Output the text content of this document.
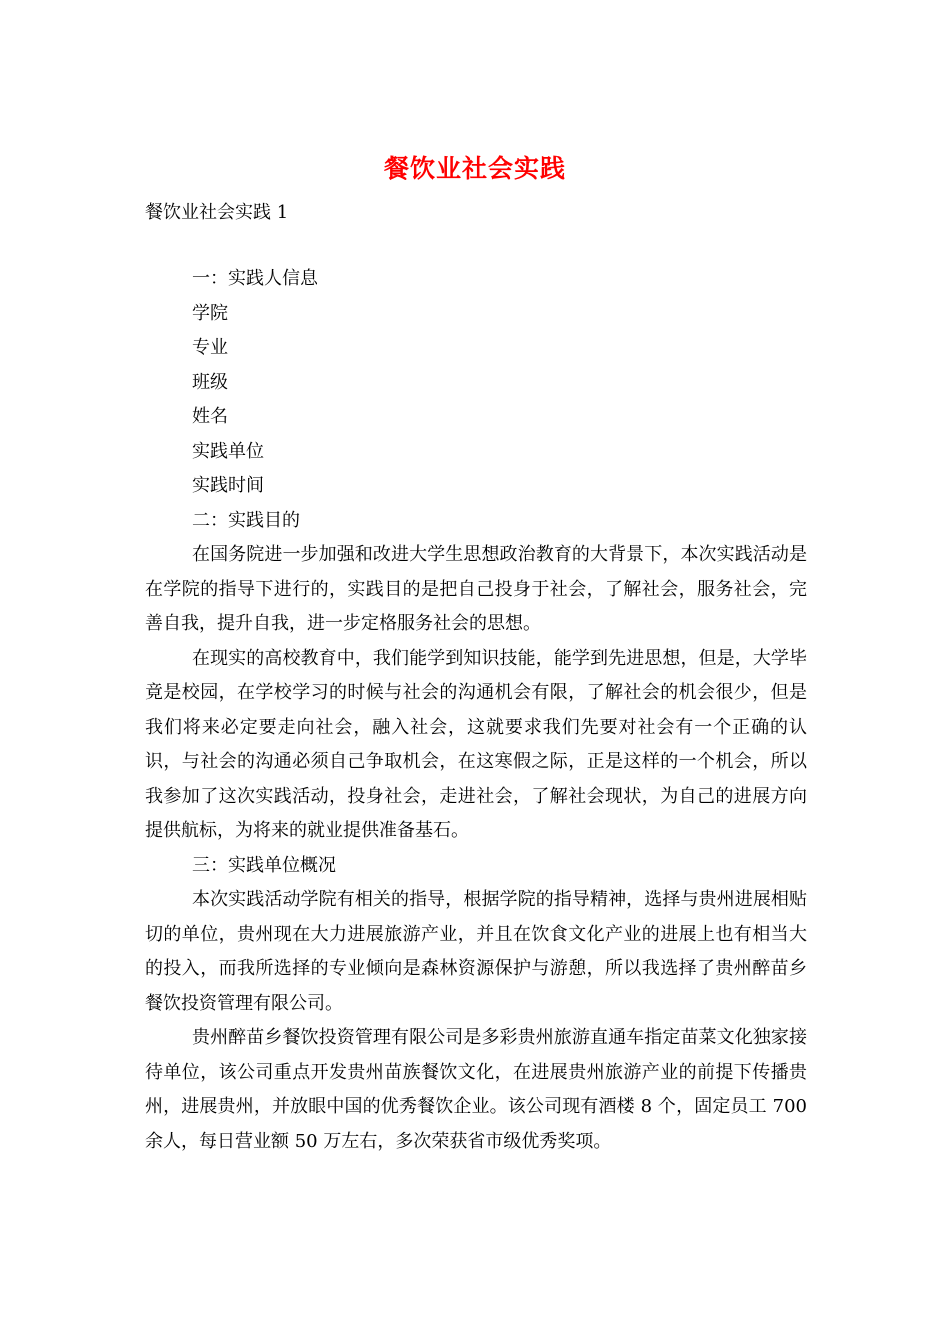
餐饮业社会实践
餐饮业社会实践 1

一：实践人信息

学院

专业

班级

姓名

实践单位

实践时间

二：实践目的

在国务院进一步加强和改进大学生思想政治教育的大背景下，本次实践活动是在学院的指导下进行的，实践目的是把自己投身于社会，了解社会，服务社会，完善自我，提升自我，进一步定格服务社会的思想。

在现实的高校教育中，我们能学到知识技能，能学到先进思想，但是，大学毕竟是校园，在学校学习的时候与社会的沟通机会有限，了解社会的机会很少，但是我们将来必定要走向社会，融入社会，这就要求我们先要对社会有一个正确的认识，与社会的沟通必须自己争取机会，在这寒假之际，正是这样的一个机会，所以我参加了这次实践活动，投身社会，走进社会，了解社会现状，为自己的进展方向提供航标，为将来的就业提供准备基石。

三：实践单位概况

本次实践活动学院有相关的指导，根据学院的指导精神，选择与贵州进展相贴切的单位，贵州现在大力进展旅游产业，并且在饮食文化产业的进展上也有相当大的投入，而我所选择的专业倾向是森林资源保护与游憩，所以我选择了贵州醉苗乡餐饮投资管理有限公司。

贵州醉苗乡餐饮投资管理有限公司是多彩贵州旅游直通车指定苗菜文化独家接待单位，该公司重点开发贵州苗族餐饮文化，在进展贵州旅游产业的前提下传播贵州，进展贵州，并放眼中国的优秀餐饮企业。该公司现有酒楼 8 个，固定员工 700 余人，每日营业额 50 万左右，多次荣获省市级优秀奖项。
